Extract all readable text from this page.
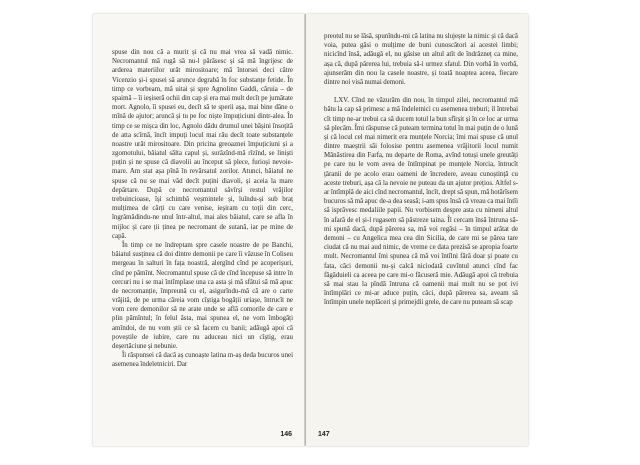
spuse din nou că a murit și că nu mai vrea să vadă nimic. Necromantul mă rugă să nu-l părăsesc și să mă îngrijesc de arderea materiilor urât mirositoare; mă întorsei deci către Vicenzio și-i spusei să arunce degrabă în foc substanțe fetide. În timp ce vorbeam, mă uitai și spre Agnolino Gaddi, căruia – de spaimă – îi ieșiseră ochii din cap și era mai mult decît pe jumătate mort. Agnolo, îi spusei eu, decît să te sperii așa, mai bine dăne o mînă de ajutor; aruncă și tu pe foc niște împuțiciuni dintr-alea. În timp ce se mișca din loc, Agnolo dădu drumul unei bășini însoțită de atta scîrnă, încît impuți locul mai rău decît toate substanțele noastre urât mirositoare. Din pricina greoaznei împuțiciuni și a zgomotului, băiatul sălta capul și, surâzînd-mă rîzînd, se liniști puțin și ne spuse că diavolii au început să plece, furioși nevoie-mare. Am stat așa pînă în revărsatul zorilor. Atunci, băiatul ne spuse că nu se mai văd decît puțini diavoli, și aceia la mare depărtare. După ce necromantul săvîrși restul vrăjilor trebuincioase, își schimbă veșmintele și, luîndu-și sub braț mulțimea de cărți cu care venise, ieșiram cu toții din cerc, îngrămădindu-ne unul într-altul, mai ales băiatul, care se afla în mijloc și care ții ținea pe necromant de sutană, iar pe mine de capă.

În timp ce ne îndreptam spre casele noastre de pe Banchi, băiatul susținea că doi dintre demonii pe care îi văzuse în Coliseu mergeau în salturi în fața noastră, alergînd cînd pe acoperișuri, cînd pe pămînt. Necromantul spuse că de cînd începuse să intre în cercuri nu i se mai întîmplase una ca asta și mă sfătui să mă apuc de necromanție, împreună cu el, asigurîndu-mă că are o carte vrăjită, de pe urma căreia vom cîștiga bogății uriașe, întrucît ne vom cere demonilor să ne arate unde se află comorile de care e plin pămîntul; în felul ăsta, mai spunea el, ne vom îmbogăți amîndoi, de nu vom știi ce să facem cu banii; adăugă apoi că poveștile de iubire, care nu aduceau nici un cîștig, erau deșertăciune și nebunie.

Îi răspunsei că dacă aș cunoaște latina m-aș deda bucuros unei asemenea îndeletniciri. Dar

146

preotul nu se lăsă, spunîndu-mi că latina nu slujește la nimic și că dacă voia, putea găsi o mulțime de buni cunoscători ai acestei limbi; nicicînd însă, adăugă el, nu găsise un altul atît de îndrăzneț ca mine, așa că, după părerea lui, trebuia să-i urmez sfatul. Din vorbă în vorbă, ajunserăm din nou la casele noastre, și toată noaptea aceea, fiecare dintre noi visă numai demoni.

LXV. Cînd ne văzurăm din nou, în timpul zilei, necromantul mă bătu la cap să primesc a mă îndeletnici cu asemenea treburi; il întrebai cît timp ne-ar trebui ca să ducem totul la bun sfîrșit și în ce loc ar urma să plecăm. Îmi răspunse că puteam termina totul în mai puțin de o lună și că locul cel mai nimerit era munțele Norcia; îmi mai spuse că unul dintre maeștrii săi folosise pentru asemenea vrăjitorii locul numit Mănăstirea din Farfa, nu departe de Roma, avînd totuși unele greutăți pe care nu le vom avea de întîmpinat pe munțele Norcia, întrucît țăranii de pe acolo erau oameni de încredere, aveau cunoștință cu aceste treburi, așa că la nevoie ne puteau da un ajutor prețios. Altfel s-ar întîmplă de aici cînd necromantul, încît, drept să spun, mă hotărîsem bucuros să mă apuc de-a dea seasă; i-am spus însă că vreau ca mai întîi să isprăvesc medaliile papii. Nu vorbisem despre asta cu nimeni altul în afară de el și-l rugasem să păstreze taina. Îl cercam însă întruna să-mi spună dacă, după părerea sa, mă voi regăsi – în timpul arătat de demoni – cu Angelica mea cea din Sicilia, de care mi se părea tare ciudat că nu mai aud nimic, de vreme ce data prezisă se apropia foarte mult. Necromantul îmi spunea că mă voi întîlni fără doar și poate cu fata, căci demonii nu-și calcă niciodată cuvîntul atunci cînd fac făgăduieli ca aceea pe care mi-o făcuseră mie. Adăugă apoi că trebuia să mai stau la pîndă întruna că oamenii mai mult nu se pot ivi întîmplări ce mi-ar aduce puțin, căci, după părerea sa, aveam să întîmpin unele neplăceri și primejdii grele, de care nu puteam să scap

147
